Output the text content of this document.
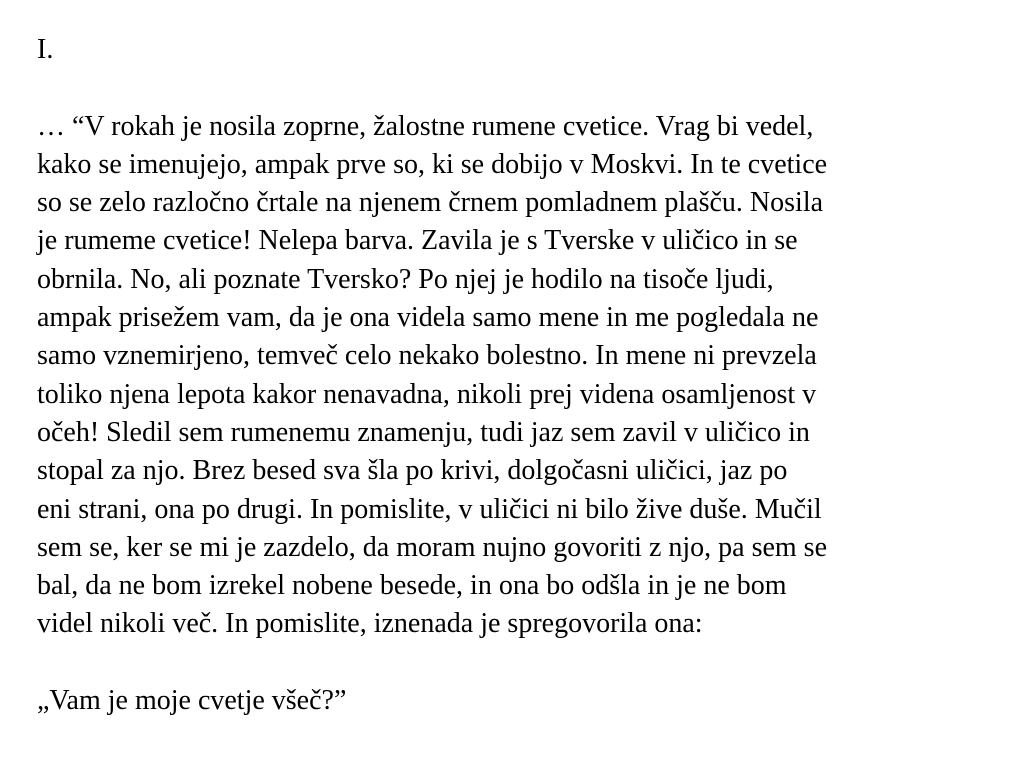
I.
… “V rokah je nosila zoprne, žalostne rumene cvetice. Vrag bi vedel,
kako se imenujejo, ampak prve so, ki se dobijo v Moskvi. In te cvetice
so se zelo razločno črtale na njenem črnem pomladnem plašču. Nosila
je rumeme cvetice! Nelepa barva. Zavila je s Tverske v uličico in se
obrnila. No, ali poznate Tversko? Po njej je hodilo na tisoče ljudi,
ampak prisežem vam, da je ona videla samo mene in me pogledala ne
samo vznemirjeno, temveč celo nekako bolestno. In mene ni prevzela
toliko njena lepota kakor nenavadna, nikoli prej videna osamljenost v
očeh! Sledil sem rumenemu znamenju, tudi jaz sem zavil v uličico in
stopal za njo. Brez besed sva šla po krivi, dolgočasni uličici, jaz po
eni strani, ona po drugi. In pomislite, v uličici ni bilo žive duše. Mučil
sem se, ker se mi je zazdelo, da moram nujno govoriti z njo, pa sem se
bal, da ne bom izrekel nobene besede, in ona bo odšla in je ne bom
videl nikoli več. In pomislite, iznenada je spregovorila ona:
„Vam je moje cvetje všeč?”
